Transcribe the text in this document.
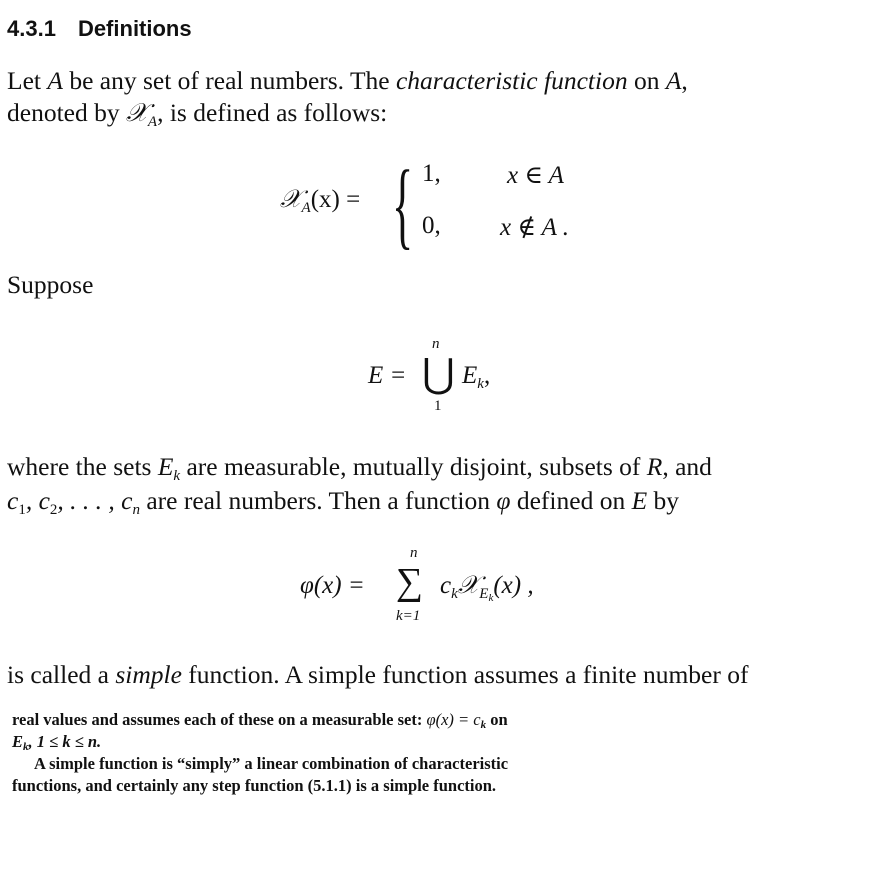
4.3.1 Definitions
Let A be any set of real numbers. The characteristic function on A,
denoted by 𝒳$_A$, is defined as follows:
𝒳$_A$(x) = { 1,	x ∈ A
0, x ∉ A .
Suppose
E =
n
⋃
1
$E_k$,
where the sets $E_k$ are measurable, mutually disjoint, subsets of R, and
$c_1$, $c_2$, . . . , $c_n$ are real numbers. Then a function φ defined on E by
φ(x) =
n
∑
k=1
$c_k𝒳_{Ek}(x)$ ,
is called a simple function. A simple function assumes a finite number of
real values and assumes each of these on a measurable set: $\varphi(x) = c_k$ on
$E_k$, 1 ≤ k ≤ n.
A simple function is “simply” a linear combination of characteristic
functions, and certainly any step function (5.1.1) is a simple function.
